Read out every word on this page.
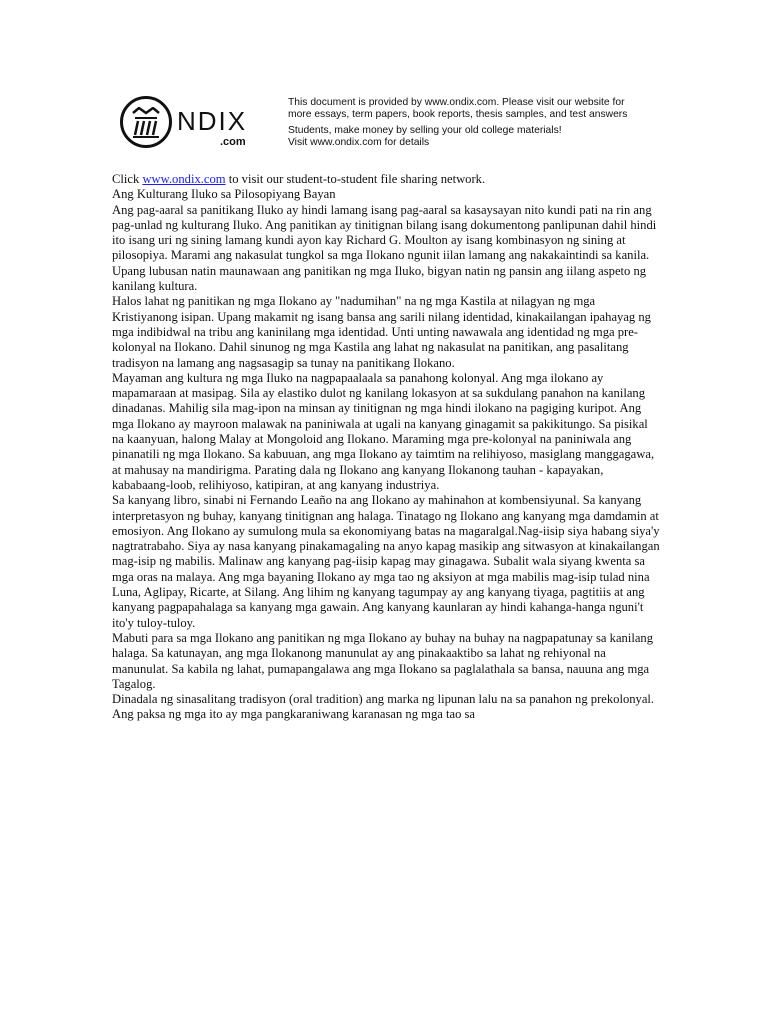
NDIX
.com
This document is provided by www.ondix.com. Please visit our website for
more essays, term papers, book reports, thesis samples, and test answers
Students, make money by selling your old college materials!
Visit www.ondix.com for details

Click www.ondix.com to visit our student-to-student file sharing network.

Ang Kulturang Iluko sa Pilosopiyang Bayan

Ang pag-aaral sa panitikang Iluko ay hindi lamang isang pag-aaral sa kasaysayan nito kundi pati na rin ang pag-unlad ng kulturang Iluko. Ang panitikan ay tinitignan bilang isang dokumentong panlipunan dahil hindi ito isang uri ng sining lamang kundi ayon kay Richard G. Moulton ay isang kombinasyon ng sining at pilosopiya. Marami ang nakasulat tungkol sa mga Ilokano ngunit iilan lamang ang nakakaintindi sa kanila. Upang lubusan natin maunawaan ang panitikan ng mga Iluko, bigyan natin ng pansin ang iilang aspeto ng kanilang kultura.

Halos lahat ng panitikan ng mga Ilokano ay "nadumihan" na ng mga Kastila at nilagyan ng mga Kristiyanong isipan. Upang makamit ng isang bansa ang sarili nilang identidad, kinakailangan ipahayag ng mga indibidwal na tribu ang kaninilang mga identidad. Unti unting nawawala ang identidad ng mga pre-kolonyal na Ilokano. Dahil sinunog ng mga Kastila ang lahat ng nakasulat na panitikan, ang pasalitang tradisyon na lamang ang nagsasagip sa tunay na panitikang Ilokano.

Mayaman ang kultura ng mga Iluko na nagpapaalaala sa panahong kolonyal. Ang mga ilokano ay mapamaraan at masipag. Sila ay elastiko dulot ng kanilang lokasyon at sa sukdulang panahon na kanilang dinadanas. Mahilig sila mag-ipon na minsan ay tinitignan ng mga hindi ilokano na pagiging kuripot. Ang mga Ilokano ay mayroon malawak na paniniwala at ugali na kanyang ginagamit sa pakikitungo. Sa pisikal na kaanyuan, halong Malay at Mongoloid ang Ilokano. Maraming mga pre-kolonyal na paniniwala ang pinanatili ng mga Ilokano. Sa kabuuan, ang mga Ilokano ay taimtim na relihiyoso, masiglang manggagawa, at mahusay na mandirigma. Parating dala ng Ilokano ang kanyang Ilokanong tauhan - kapayakan, kababaang-loob, relihiyoso, katipiran, at ang kanyang industriya.

Sa kanyang libro, sinabi ni Fernando Leaño na ang Ilokano ay mahinahon at kombensiyunal. Sa kanyang interpretasyon ng buhay, kanyang tinitignan ang halaga. Tinatago ng Ilokano ang kanyang mga damdamin at emosiyon. Ang Ilokano ay sumulong mula sa ekonomiyang batas na magaralgal.Nag-iisip siya habang siya'y nagtratrabaho. Siya ay nasa kanyang pinakamagaling na anyo kapag masikip ang sitwasyon at kinakailangan mag-isip ng mabilis. Malinaw ang kanyang pag-iisip kapag may ginagawa. Subalit wala siyang kwenta sa mga oras na malaya. Ang mga bayaning Ilokano ay mga tao ng aksiyon at mga mabilis mag-isip tulad nina Luna, Aglipay, Ricarte, at Silang. Ang lihim ng kanyang tagumpay ay ang kanyang tiyaga, pagtitiis at ang kanyang pagpapahalaga sa kanyang mga gawain. Ang kanyang kaunlaran ay hindi kahanga-hanga nguni't ito'y tuloy-tuloy.

Mabuti para sa mga Ilokano ang panitikan ng mga Ilokano ay buhay na buhay na nagpapatunay sa kanilang halaga. Sa katunayan, ang mga Ilokanong manunulat ay ang pinakaaktibo sa lahat ng rehiyonal na manunulat. Sa kabila ng lahat, pumapangalawa ang mga Ilokano sa paglalathala sa bansa, nauuna ang mga Tagalog.

Dinadala ng sinasalitang tradisyon (oral tradition) ang marka ng lipunan lalu na sa panahon ng prekolonyal. Ang paksa ng mga ito ay mga pangkaraniwang karanasan ng mga tao sa
